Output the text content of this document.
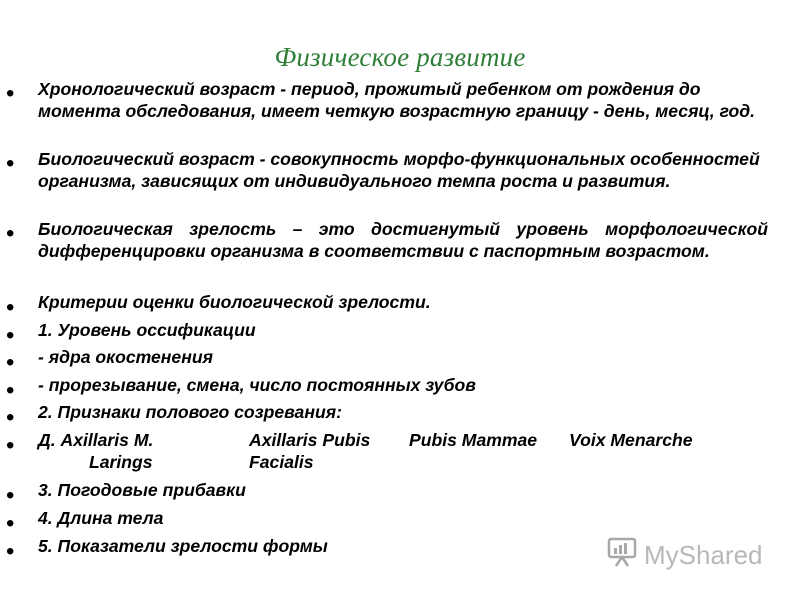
Физическое развитие
• Хронологический возраст - период, прожитый ребенком от рождения до момента обследования, имеет четкую возрастную границу - день, месяц, год.
• Биологический возраст - совокупность морфо-функциональных особенностей организма, зависящих от индивидуального темпа роста и развития.
• Биологическая зрелость – это достигнутый уровень морфологической дифференцировки организма в соответствии с паспортным возрастом.
• Критерии оценки биологической зрелости.
• 1. Уровень оссификации
• - ядра окостенения
• - прорезывание, смена, число постоянных зубов
• 2. Признаки полового созревания:
• Д. Axillaris M.
Larings
Axillaris Pubis
Facialis
Pubis Mammae Voix Menarche
• 3. Погодовые прибавки
• 4. Длина тела
• 5. Показатели зрелости формы	MyShared
